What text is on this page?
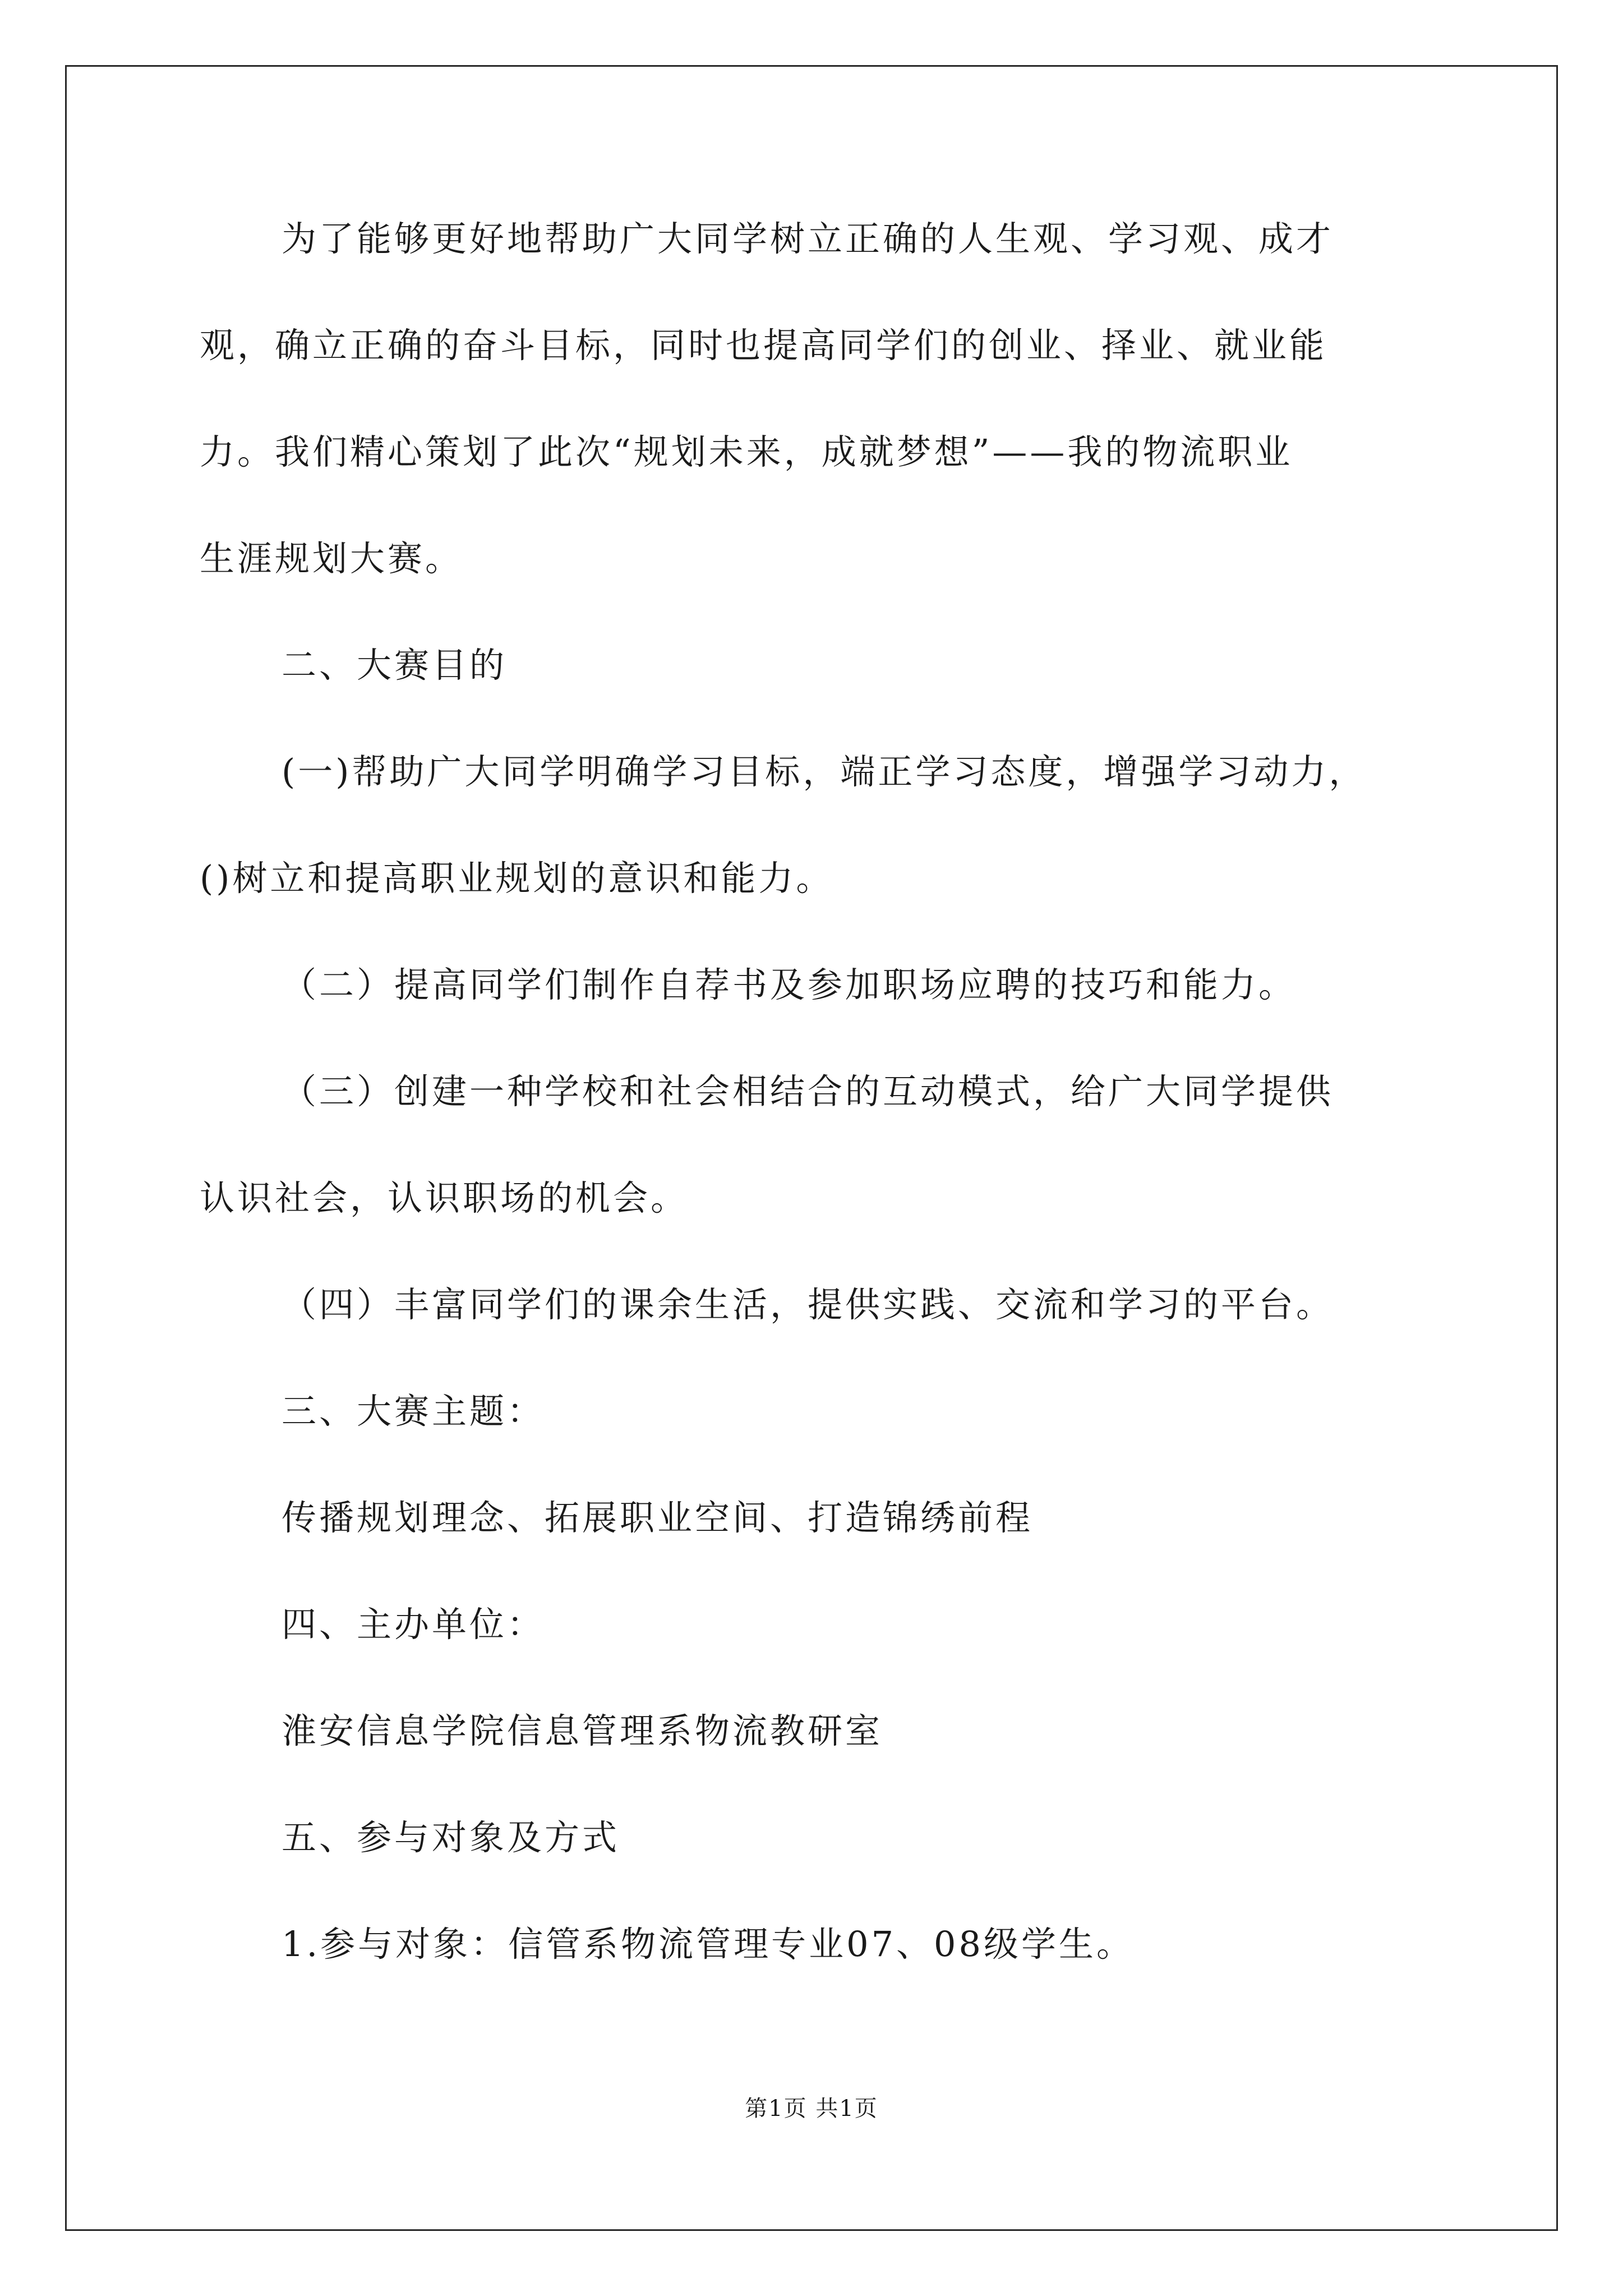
为了能够更好地帮助广大同学树立正确的人生观、学习观、成才
观，确立正确的奋斗目标，同时也提高同学们的创业、择业、就业能
力。我们精心策划了此次“规划未来，成就梦想”——我的物流职业
生涯规划大赛。
二、大赛目的
(一)帮助广大同学明确学习目标，端正学习态度，增强学习动力，
()树立和提高职业规划的意识和能力。
（二）提高同学们制作自荐书及参加职场应聘的技巧和能力。
（三）创建一种学校和社会相结合的互动模式，给广大同学提供
认识社会，认识职场的机会。
（四）丰富同学们的课余生活，提供实践、交流和学习的平台。
三、大赛主题：
传播规划理念、拓展职业空间、打造锦绣前程
四、主办单位：
淮安信息学院信息管理系物流教研室
五、参与对象及方式
1.参与对象：信管系物流管理专业07、08级学生。
第1页 共1页
